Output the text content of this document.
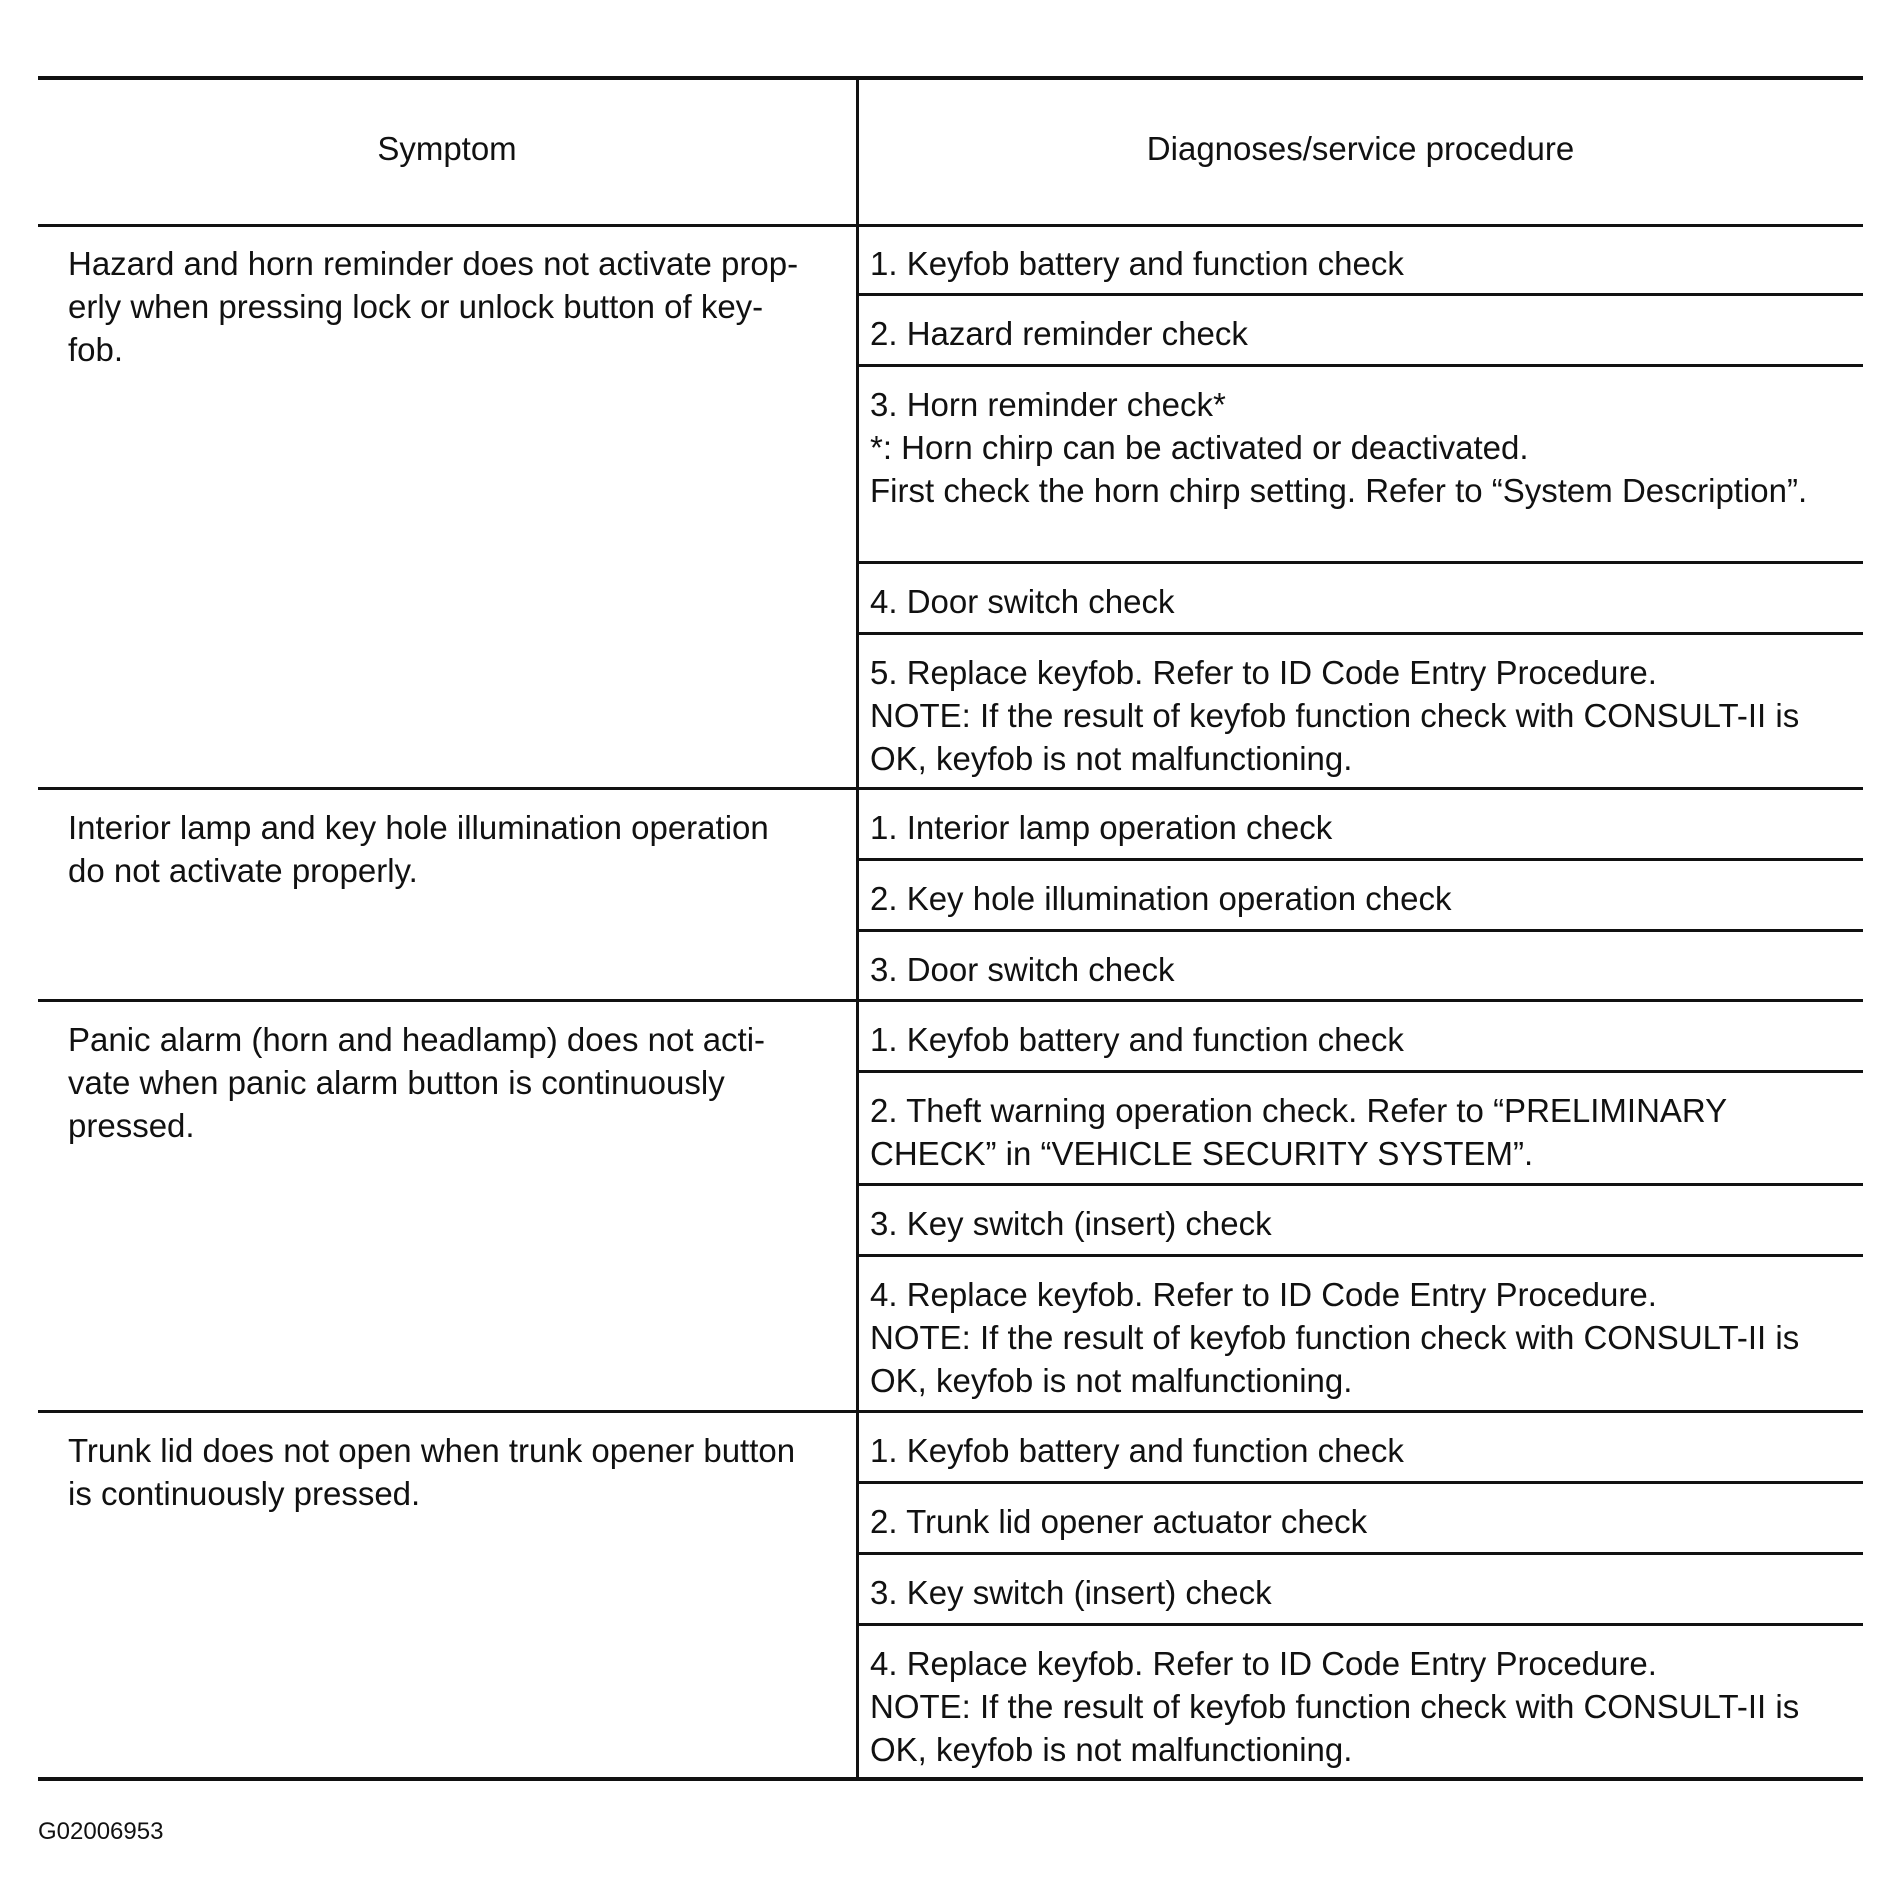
Symptom	Diagnoses/service procedure
Hazard and horn reminder does not activate prop-
erly when pressing lock or unlock button of key-
fob.
1. Keyfob battery and function check
2. Hazard reminder check
3. Horn reminder check*
*: Horn chirp can be activated or deactivated.
First check the horn chirp setting. Refer to “System Description”.
4. Door switch check
5. Replace keyfob. Refer to ID Code Entry Procedure.
NOTE: If the result of keyfob function check with CONSULT-II is
OK, keyfob is not malfunctioning.
Interior lamp and key hole illumination operation
do not activate properly.
1. Interior lamp operation check
2. Key hole illumination operation check
3. Door switch check
Panic alarm (horn and headlamp) does not acti-
vate when panic alarm button is continuously
pressed.
1. Keyfob battery and function check
2. Theft warning operation check. Refer to “PRELIMINARY
CHECK” in “VEHICLE SECURITY SYSTEM”.
3. Key switch (insert) check
4. Replace keyfob. Refer to ID Code Entry Procedure.
NOTE: If the result of keyfob function check with CONSULT-II is
OK, keyfob is not malfunctioning.
Trunk lid does not open when trunk opener button
is continuously pressed.
1. Keyfob battery and function check
2. Trunk lid opener actuator check
3. Key switch (insert) check
4. Replace keyfob. Refer to ID Code Entry Procedure.
NOTE: If the result of keyfob function check with CONSULT-II is
OK, keyfob is not malfunctioning.
G02006953
